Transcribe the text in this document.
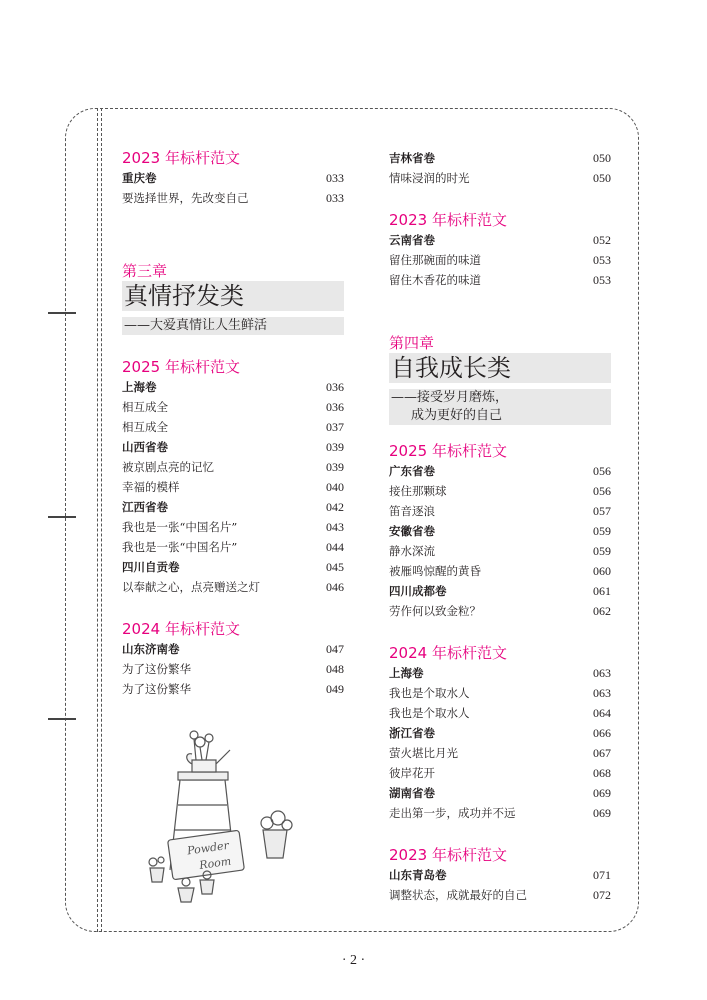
2023 年标杆范文
重庆卷	033
要选择世界，先改变自己	033
第三章
真情抒发类
——大爱真情让人生鲜活
2025 年标杆范文
上海卷	036
相互成全	036
相互成全	037
山西省卷	039
被京剧点亮的记忆	039
幸福的模样	040
江西省卷	042
我也是一张“中国名片”	043
我也是一张“中国名片”	044
四川自贡卷	045
以奉献之心，点亮赠送之灯	046
2024 年标杆范文
山东济南卷	047
为了这份繁华	048
为了这份繁华	049
吉林省卷	050
情味浸润的时光	050
2023 年标杆范文
云南省卷	052
留住那碗面的味道	053
留住木香花的味道	053
第四章
自我成长类
——接受岁月磨炼，
成为更好的自己
2025 年标杆范文
广东省卷	056
接住那颗球	056
笛音逐浪	057
安徽省卷	059
静水深流	059
被雁鸣惊醒的黄昏	060
四川成都卷	061
劳作何以致金粒？	062
2024 年标杆范文
上海卷	063
我也是个取水人	063
我也是个取水人	064
浙江省卷	066
萤火堪比月光	067
彼岸花开	068
湖南省卷	069
走出第一步，成功并不远	069
2023 年标杆范文
山东青岛卷	071
调整状态，成就最好的自己	072
Powder
Room
· 2 ·
